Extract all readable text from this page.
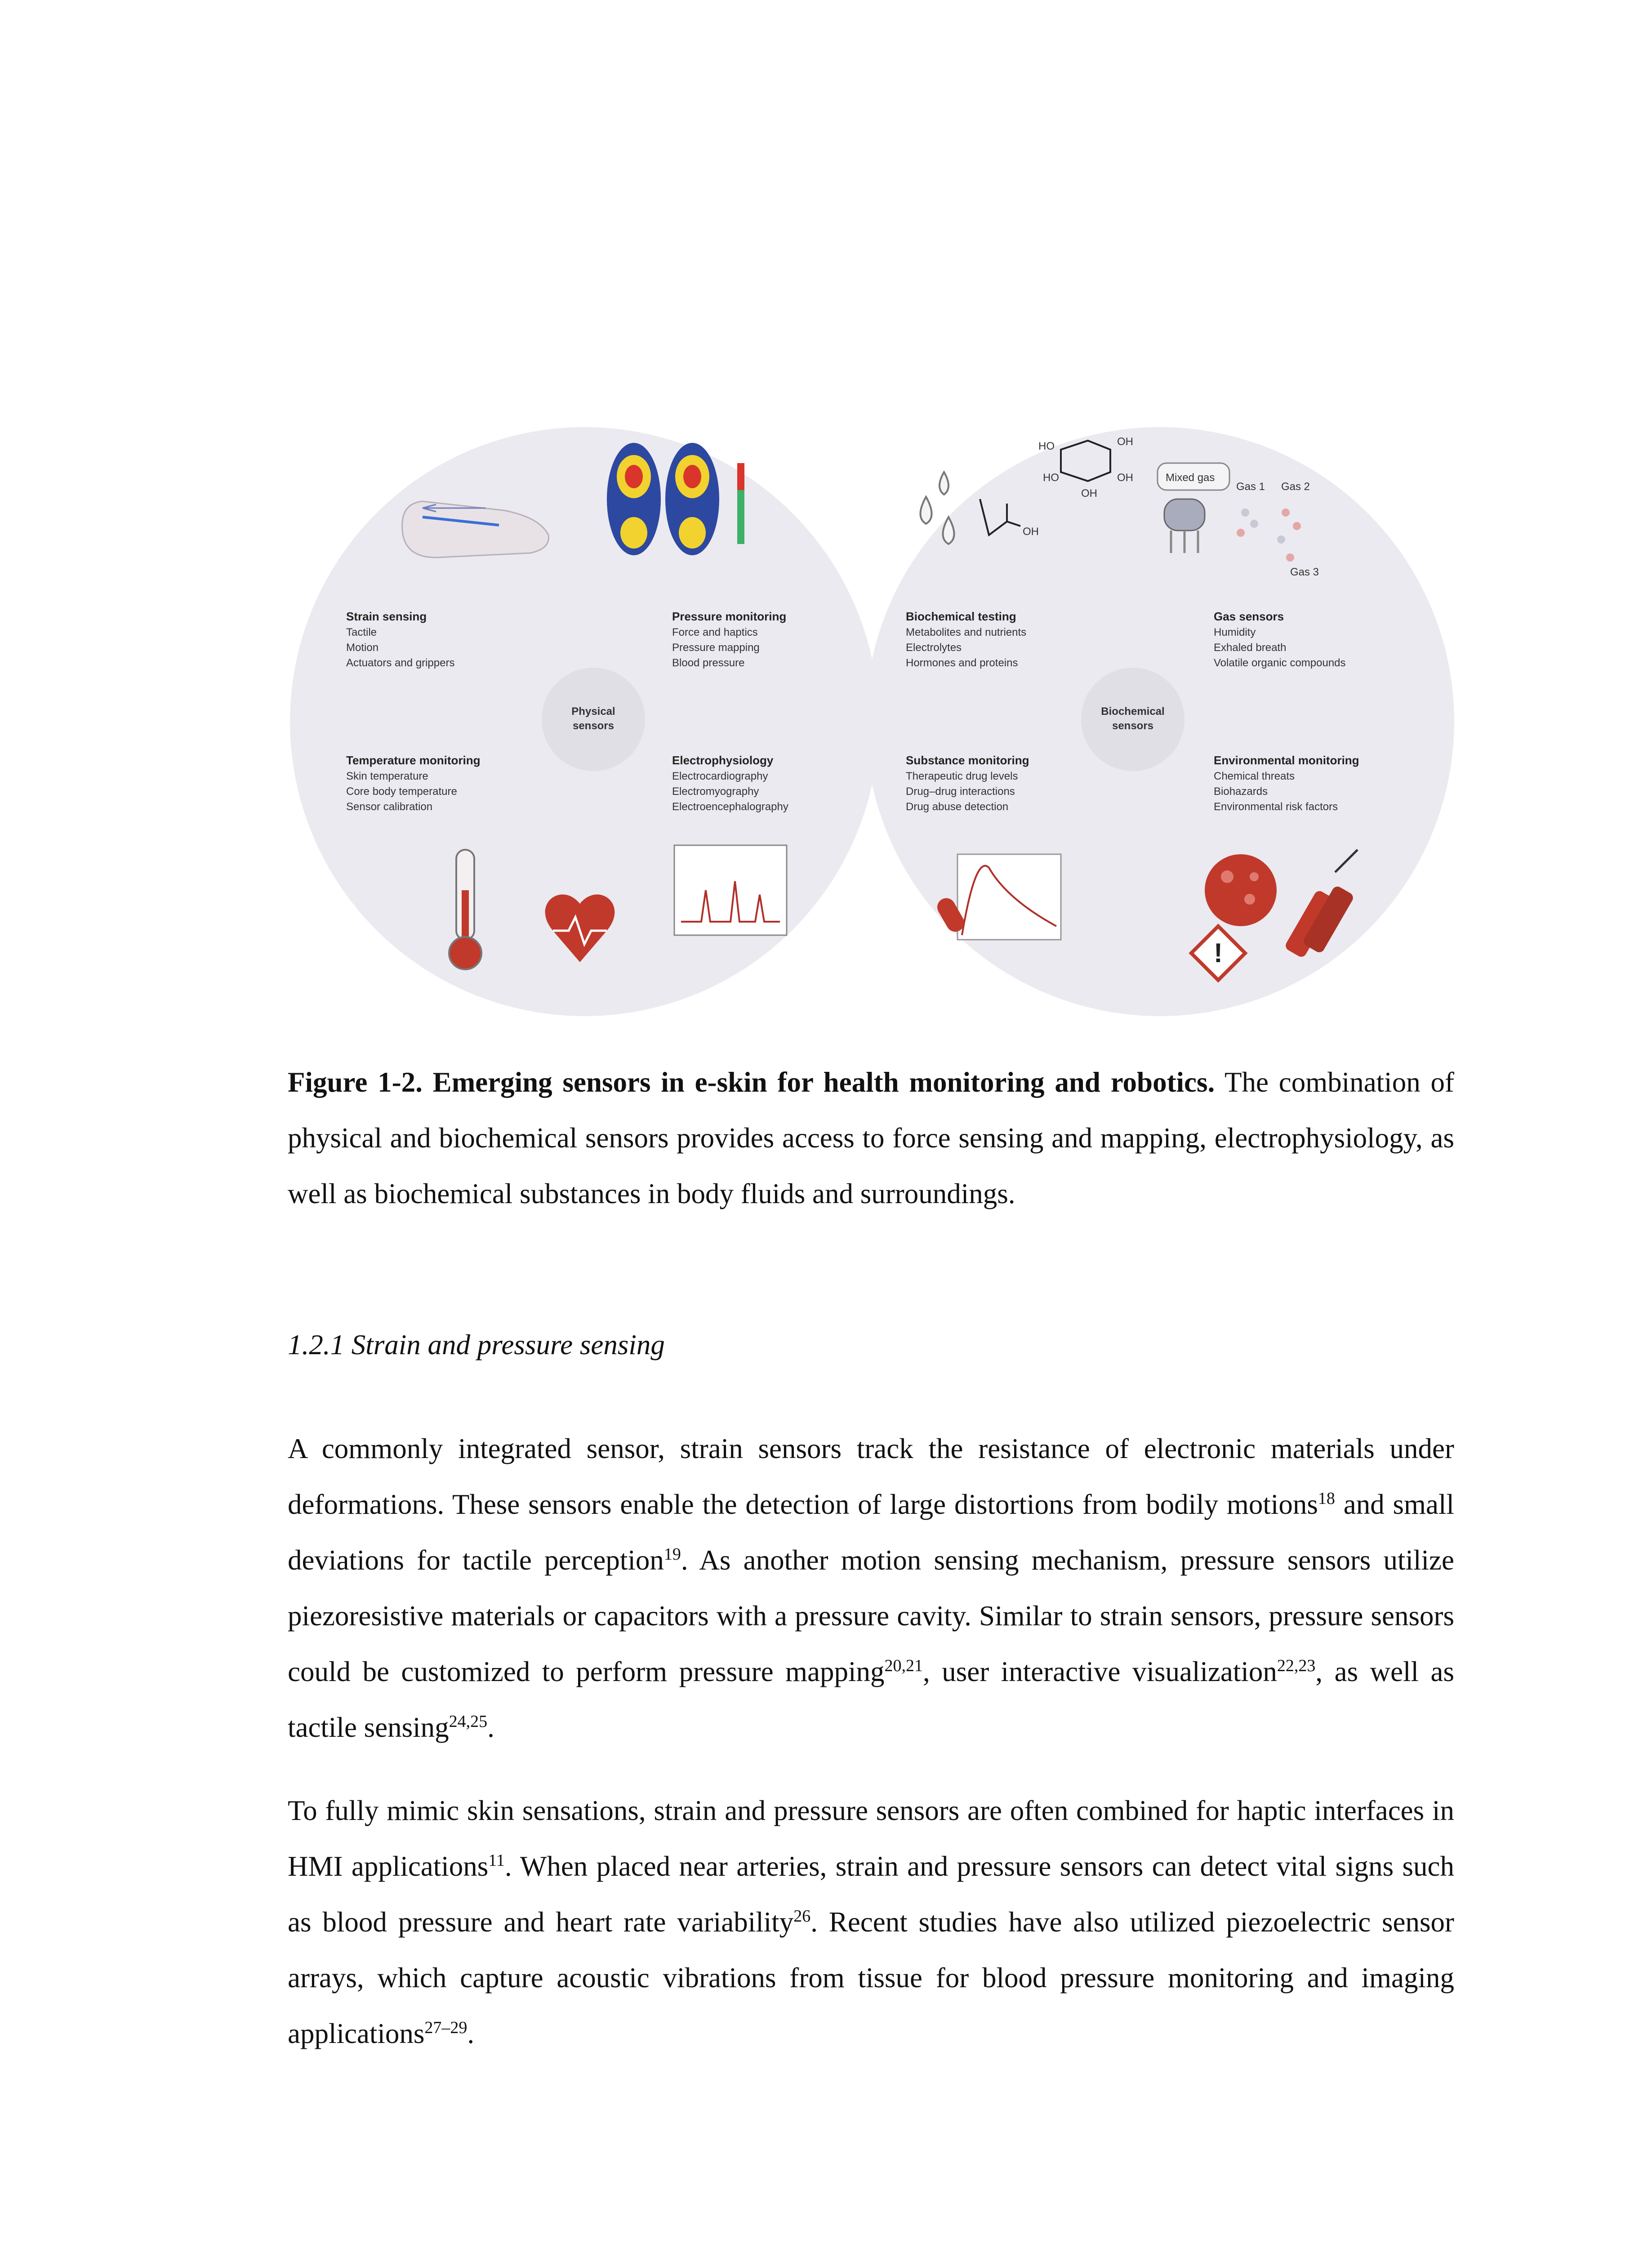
Physical
sensors
Biochemical
sensors
Strain sensing
Tactile
Motion
Actuators and grippers
Pressure monitoring
Force and haptics
Pressure mapping
Blood pressure
Temperature monitoring
Skin temperature
Core body temperature
Sensor calibration
Electrophysiology
Electrocardiography
Electromyography
Electroencephalography
Biochemical testing
Metabolites and nutrients
Electrolytes
Hormones and proteins
Gas sensors
Humidity
Exhaled breath
Volatile organic compounds
Substance monitoring
Therapeutic drug levels
Drug–drug interactions
Drug abuse detection
Environmental monitoring
Chemical threats
Biohazards
Environmental risk factors
HO	OH
HO	OH
OH
OH
Mixed gas
Gas 1 Gas 2
Gas 3
!

Figure 1-2. Emerging sensors in e-skin for health monitoring and robotics. The combination of physical and biochemical sensors provides access to force sensing and mapping, electrophysiology, as well as biochemical substances in body fluids and surroundings.

1.2.1 Strain and pressure sensing

A commonly integrated sensor, strain sensors track the resistance of electronic materials under deformations. These sensors enable the detection of large distortions from bodily motions$^{18}$ and small deviations for tactile perception$^{19}$. As another motion sensing mechanism, pressure sensors utilize piezoresistive materials or capacitors with a pressure cavity. Similar to strain sensors, pressure sensors could be customized to perform pressure mapping$^{20,21}$, user interactive visualization$^{22,23}$, as well as tactile sensing$^{24,25}$.

To fully mimic skin sensations, strain and pressure sensors are often combined for haptic interfaces in HMI applications$^{11}$. When placed near arteries, strain and pressure sensors can detect vital signs such as blood pressure and heart rate variability$^{26}$. Recent studies have also utilized piezoelectric sensor arrays, which capture acoustic vibrations from tissue for blood pressure monitoring and imaging applications$^{27-29}$.
